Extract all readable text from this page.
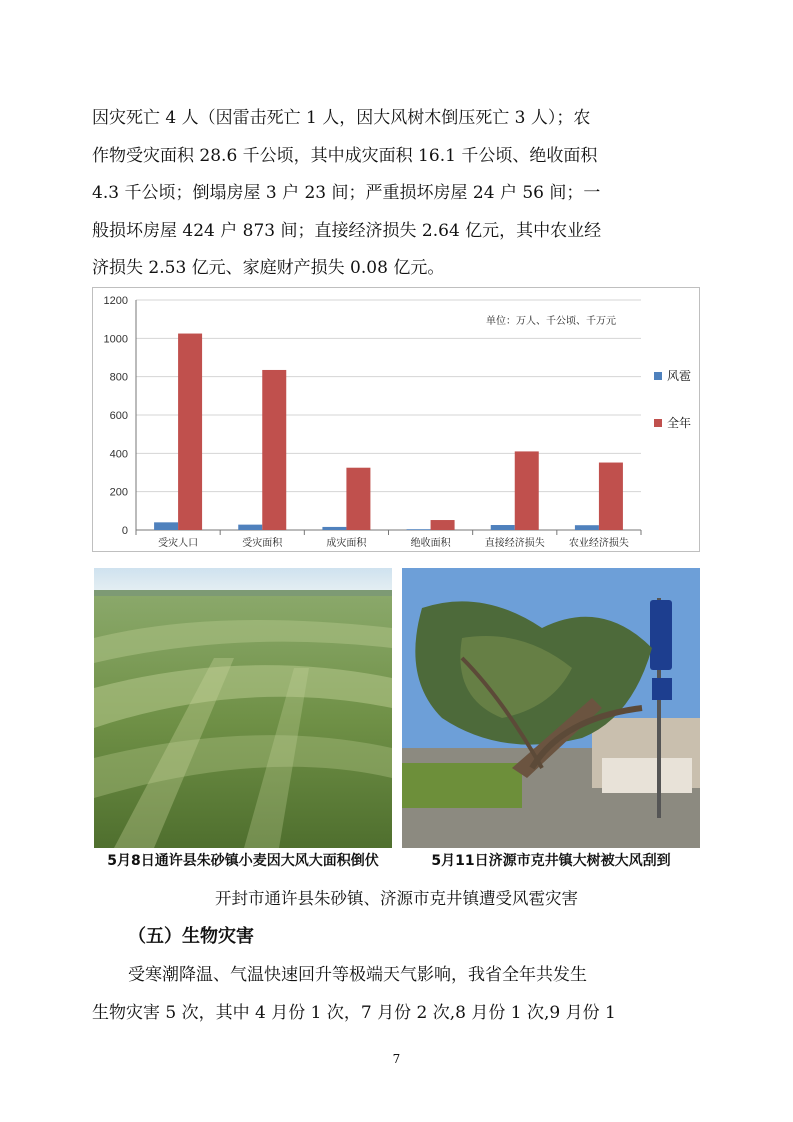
因灾死亡 4 人（因雷击死亡 1 人，因大风树木倒压死亡 3 人）；农

作物受灾面积 28.6 千公顷，其中成灾面积 16.1 千公顷、绝收面积

4.3 千公顷；倒塌房屋 3 户 23 间；严重损坏房屋 24 户 56 间；一

般损坏房屋 424 户 873 间；直接经济损失 2.64 亿元，其中农业经

济损失 2.53 亿元、家庭财产损失 0.08 亿元。

0
200
400
600
800
1000
1200
受灾人口	受灾面积	成灾面积	绝收面积	直接经济损失 农业经济损失
单位：万人、千公顷、千万元
风雹
全年
5月8日通许县朱砂镇小麦因大风大面积倒伏	5月11日济源市克井镇大树被大风刮到
开封市通许县朱砂镇、济源市克井镇遭受风雹灾害
（五）生物灾害

受寒潮降温、气温快速回升等极端天气影响，我省全年共发生

生物灾害 5 次，其中 4 月份 1 次，7 月份 2 次,8 月份 1 次,9 月份 1

7
